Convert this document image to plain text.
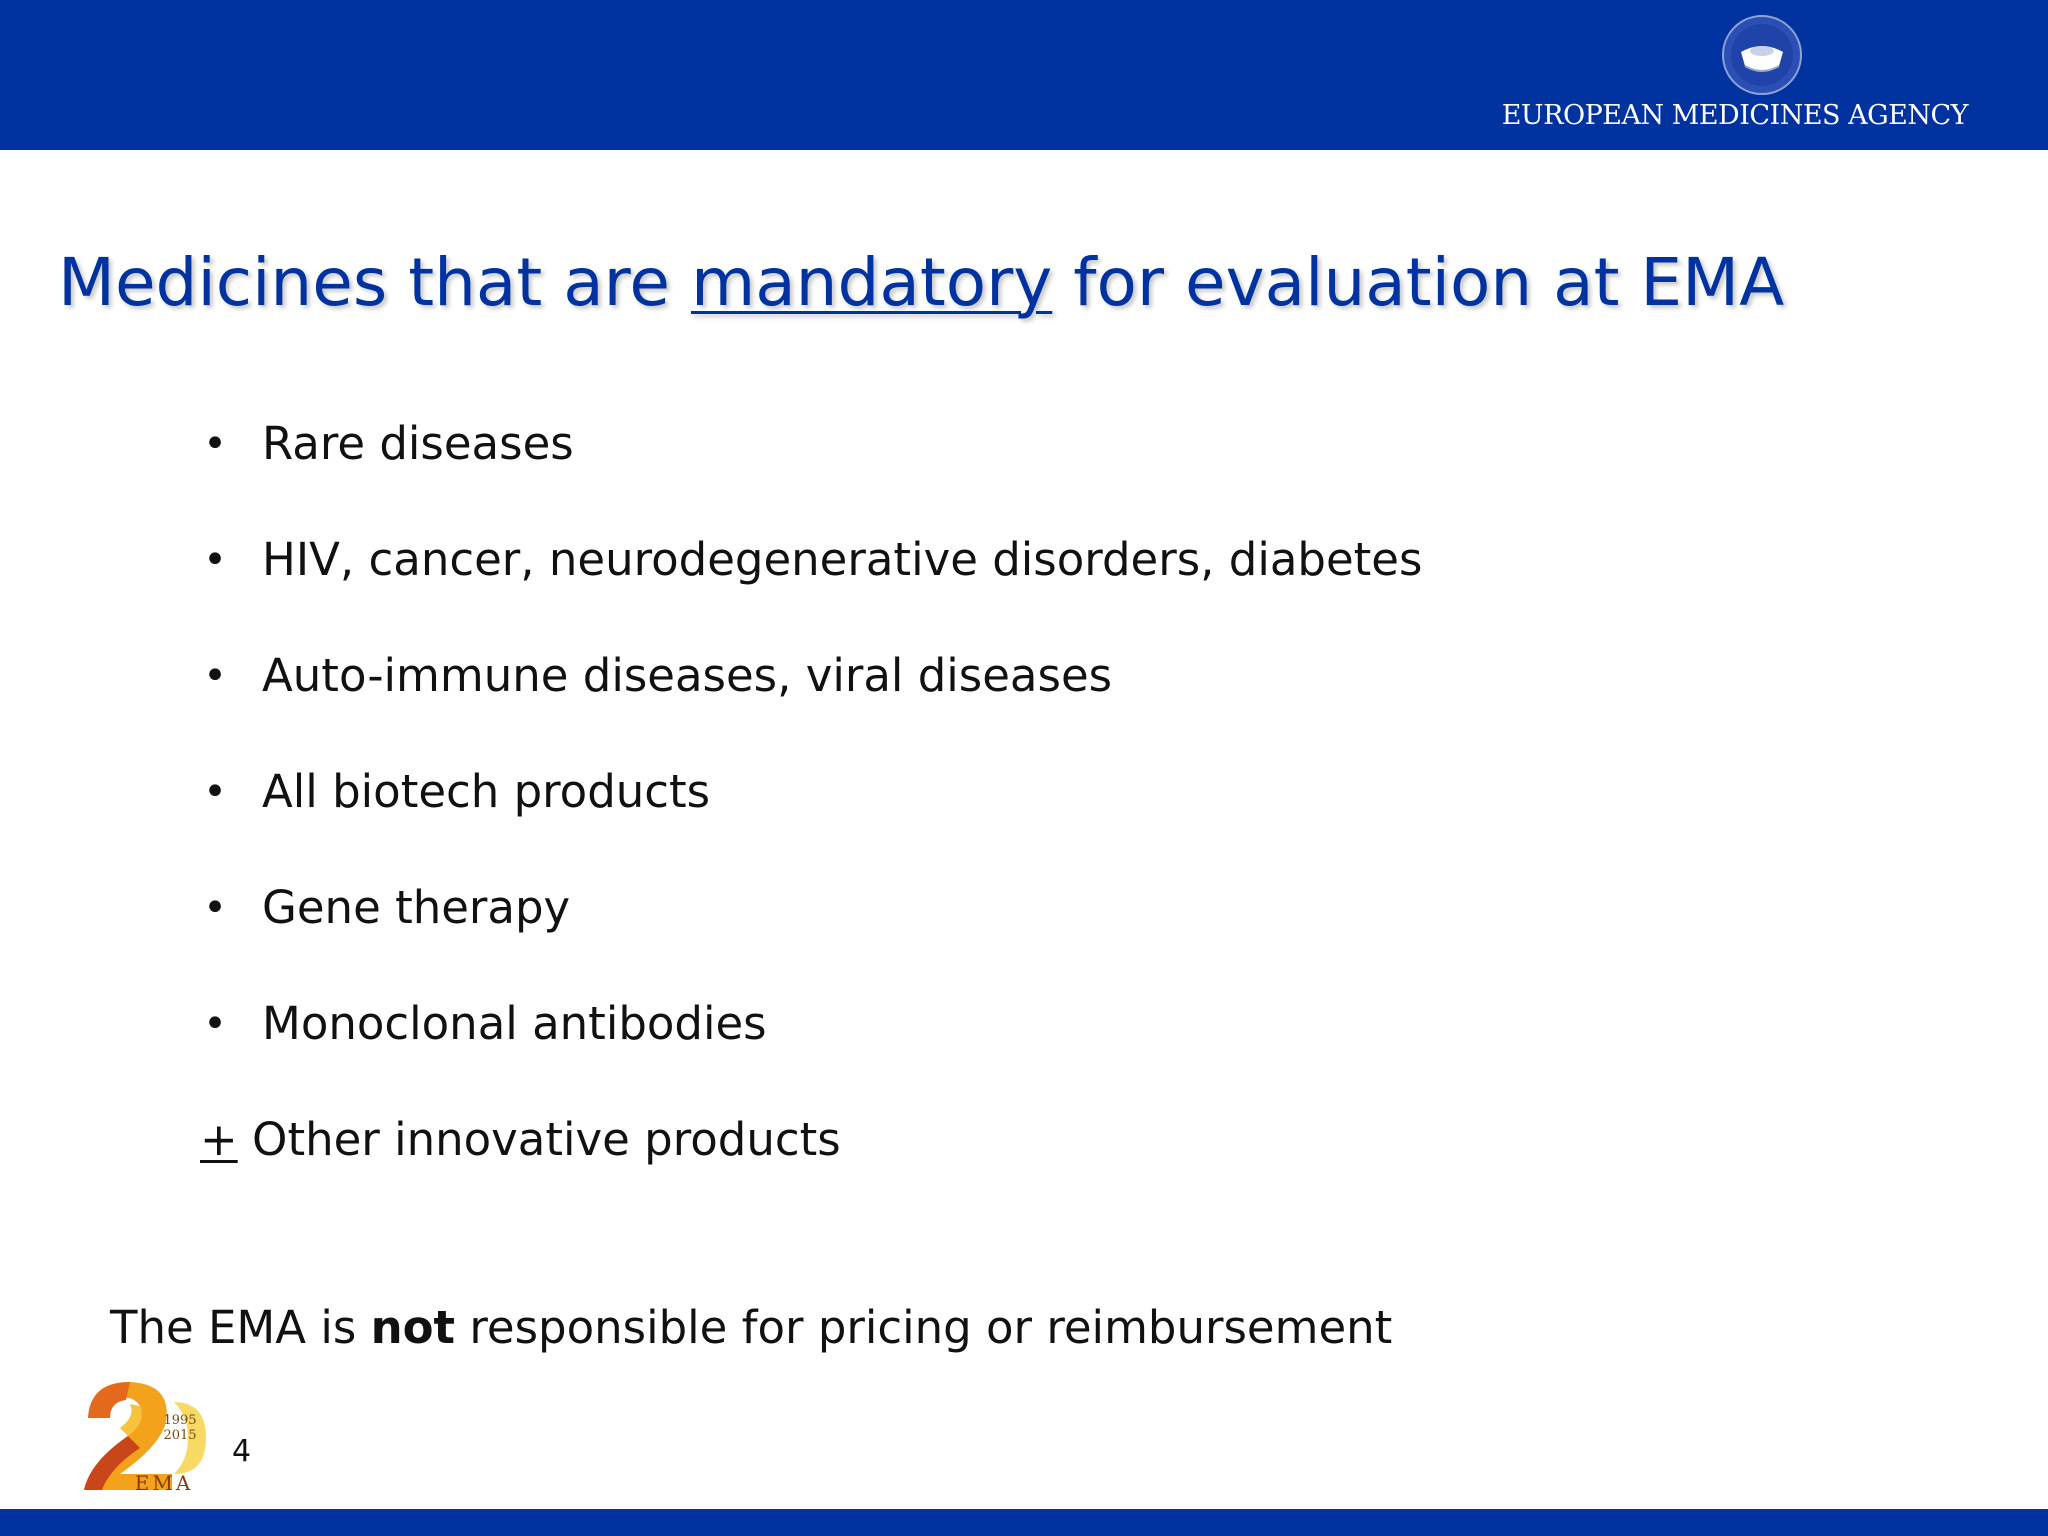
EUROPEAN MEDICINES AGENCY
Medicines that are mandatory for evaluation at EMA
• Rare diseases
• HIV, cancer, neurodegenerative disorders, diabetes
• Auto-immune diseases, viral diseases
• All biotech products
• Gene therapy
• Monoclonal antibodies
+ Other innovative products
The EMA is not responsible for pricing or reimbursement
1995
2015
EMA
4
